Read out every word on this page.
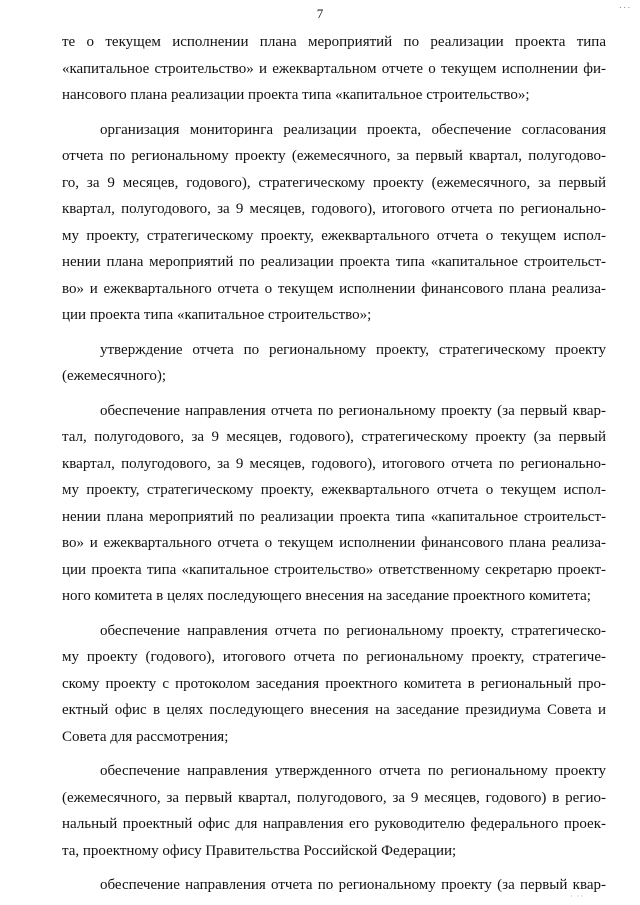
...
7
те о текущем исполнении плана мероприятий по реализации проекта типа
«капитальное строительство» и ежеквартальном отчете о текущем исполнении фи-
нансового плана реализации проекта типа «капитальное строительство»;
организация мониторинга реализации проекта, обеспечение согласования
отчета по региональному проекту (ежемесячного, за первый квартал, полугодово-
го, за 9 месяцев, годового), стратегическому проекту (ежемесячного, за первый
квартал, полугодового, за 9 месяцев, годового), итогового отчета по регионально-
му проекту, стратегическому проекту, ежеквартального отчета о текущем испол-
нении плана мероприятий по реализации проекта типа «капитальное строительст-
во» и ежеквартального отчета о текущем исполнении финансового плана реализа-
ции проекта типа «капитальное строительство»;
утверждение отчета по региональному проекту, стратегическому проекту
(ежемесячного);
обеспечение направления отчета по региональному проекту (за первый квар-
тал, полугодового, за 9 месяцев, годового), стратегическому проекту (за первый
квартал, полугодового, за 9 месяцев, годового), итогового отчета по регионально-
му проекту, стратегическому проекту, ежеквартального отчета о текущем испол-
нении плана мероприятий по реализации проекта типа «капитальное строительст-
во» и ежеквартального отчета о текущем исполнении финансового плана реализа-
ции проекта типа «капитальное строительство» ответственному секретарю проект-
ного комитета в целях последующего внесения на заседание проектного комитета;
обеспечение направления отчета по региональному проекту, стратегическо-
му проекту (годового), итогового отчета по региональному проекту, стратегиче-
скому проекту с протоколом заседания проектного комитета в региональный про-
ектный офис в целях последующего внесения на заседание президиума Совета и
Совета для рассмотрения;
обеспечение направления утвержденного отчета по региональному проекту
(ежемесячного, за первый квартал, полугодового, за 9 месяцев, годового) в регио-
нальный проектный офис для направления его руководителю федерального проек-
та, проектному офису Правительства Российской Федерации;
обеспечение направления отчета по региональному проекту (за первый квар-
· ··
